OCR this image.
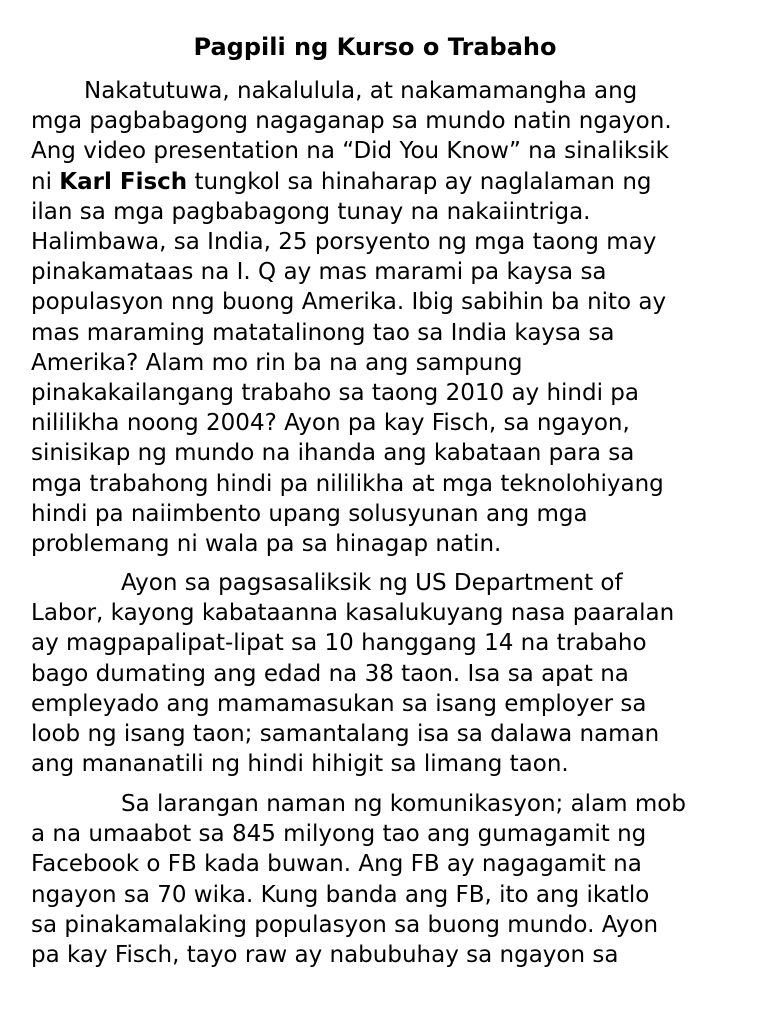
Pagpili ng Kurso o Trabaho
Nakatutuwa, nakalulula, at nakamamangha ang
mga pagbabagong nagaganap sa mundo natin ngayon.
Ang video presentation na “Did You Know” na sinaliksik
ni Karl Fisch tungkol sa hinaharap ay naglalaman ng
ilan sa mga pagbabagong tunay na nakaiintriga.
Halimbawa, sa India, 25 porsyento ng mga taong may
pinakamataas na I. Q ay mas marami pa kaysa sa
populasyon nng buong Amerika. Ibig sabihin ba nito ay
mas maraming matatalinong tao sa India kaysa sa
Amerika? Alam mo rin ba na ang sampung
pinakakailangang trabaho sa taong 2010 ay hindi pa
nililikha noong 2004? Ayon pa kay Fisch, sa ngayon,
sinisikap ng mundo na ihanda ang kabataan para sa
mga trabahong hindi pa nililikha at mga teknolohiyang
hindi pa naiimbento upang solusyunan ang mga
problemang ni wala pa sa hinagap natin.
Ayon sa pagsasaliksik ng US Department of
Labor, kayong kabataanna kasalukuyang nasa paaralan
ay magpapalipat-lipat sa 10 hanggang 14 na trabaho
bago dumating ang edad na 38 taon. Isa sa apat na
empleyado ang mamamasukan sa isang employer sa
loob ng isang taon; samantalang isa sa dalawa naman
ang mananatili ng hindi hihigit sa limang taon.
Sa larangan naman ng komunikasyon; alam mob
a na umaabot sa 845 milyong tao ang gumagamit ng
Facebook o FB kada buwan. Ang FB ay nagagamit na
ngayon sa 70 wika. Kung banda ang FB, ito ang ikatlo
sa pinakamalaking populasyon sa buong mundo. Ayon
pa kay Fisch, tayo raw ay nabubuhay sa ngayon sa
